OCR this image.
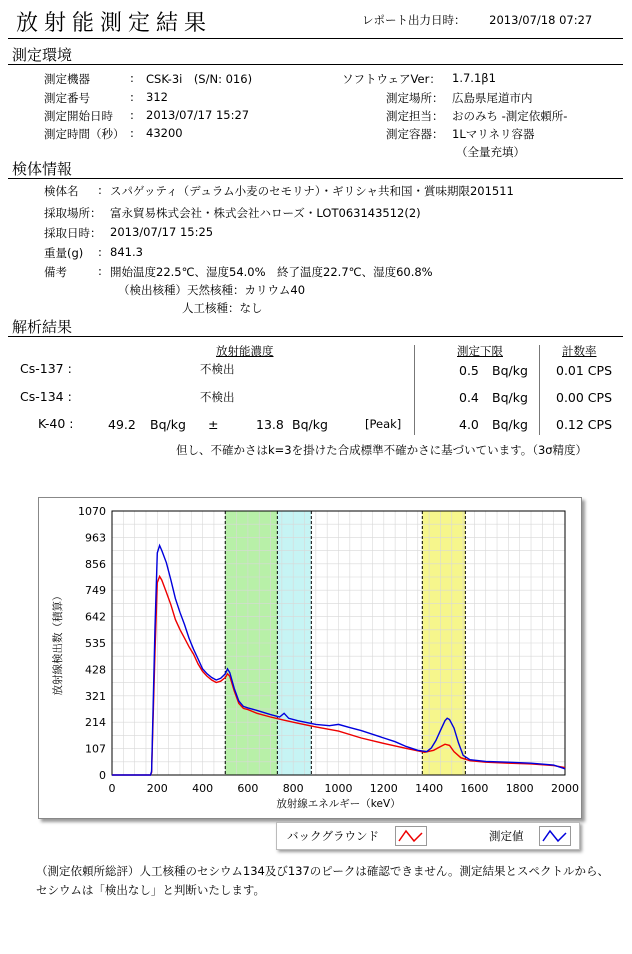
放射能測定結果	レポート出力日時： 2013/07/18 07:27
測定環境
測定機器	: CSK-3i　(S/N: 016)
測定番号	: 312
測定開始日時 : 2013/07/17 15:27
測定時間（秒） : 43200
ソフトウェアVer： 1.7.1β1
測定場所： 広島県尾道市内
測定担当： おのみち -測定依頼所-
測定容器： 1Lマリネリ容器
（全量充填）
検体情報
検体名 : スパゲッティ（デュラム小麦のセモリナ）・ギリシャ共和国・賞味期限201511
採取場所： 富永貿易株式会社・株式会社ハローズ・LOT063143512(2)
採取日時： 2013/07/17 15:25
重量(g) : 841.3
備考	: 開始温度22.5℃、湿度54.0%　終了温度22.7℃、湿度60.8%
（検出核種）天然核種：カリウム40
人工核種：なし
解析結果
放射能濃度	測定下限	計数率
Cs-137 :	不検出	0.5 Bq/kg 0.01 CPS
Cs-134 :	不検出	0.4 Bq/kg 0.00 CPS
K-40 :	49.2 Bq/kg ±	13.8 Bq/kg	[Peak]	4.0 Bq/kg 0.12 CPS
但し、不確かさはk=3を掛けた合成標準不確かさに基づいています。（3σ精度）
0
107
214
321
428
535
642
749
856
963
1070
0	200 400 600 800 1000 1200 1400 1600 1800 2000
放射線エネルギー（keV）
放射線検出数（積算）
バックグラウンド	測定値
（測定依頼所総評）人工核種のセシウム134及び137のピークは確認できません。測定結果とスペクトルから、セシウムは「検出なし」と判断いたします。
